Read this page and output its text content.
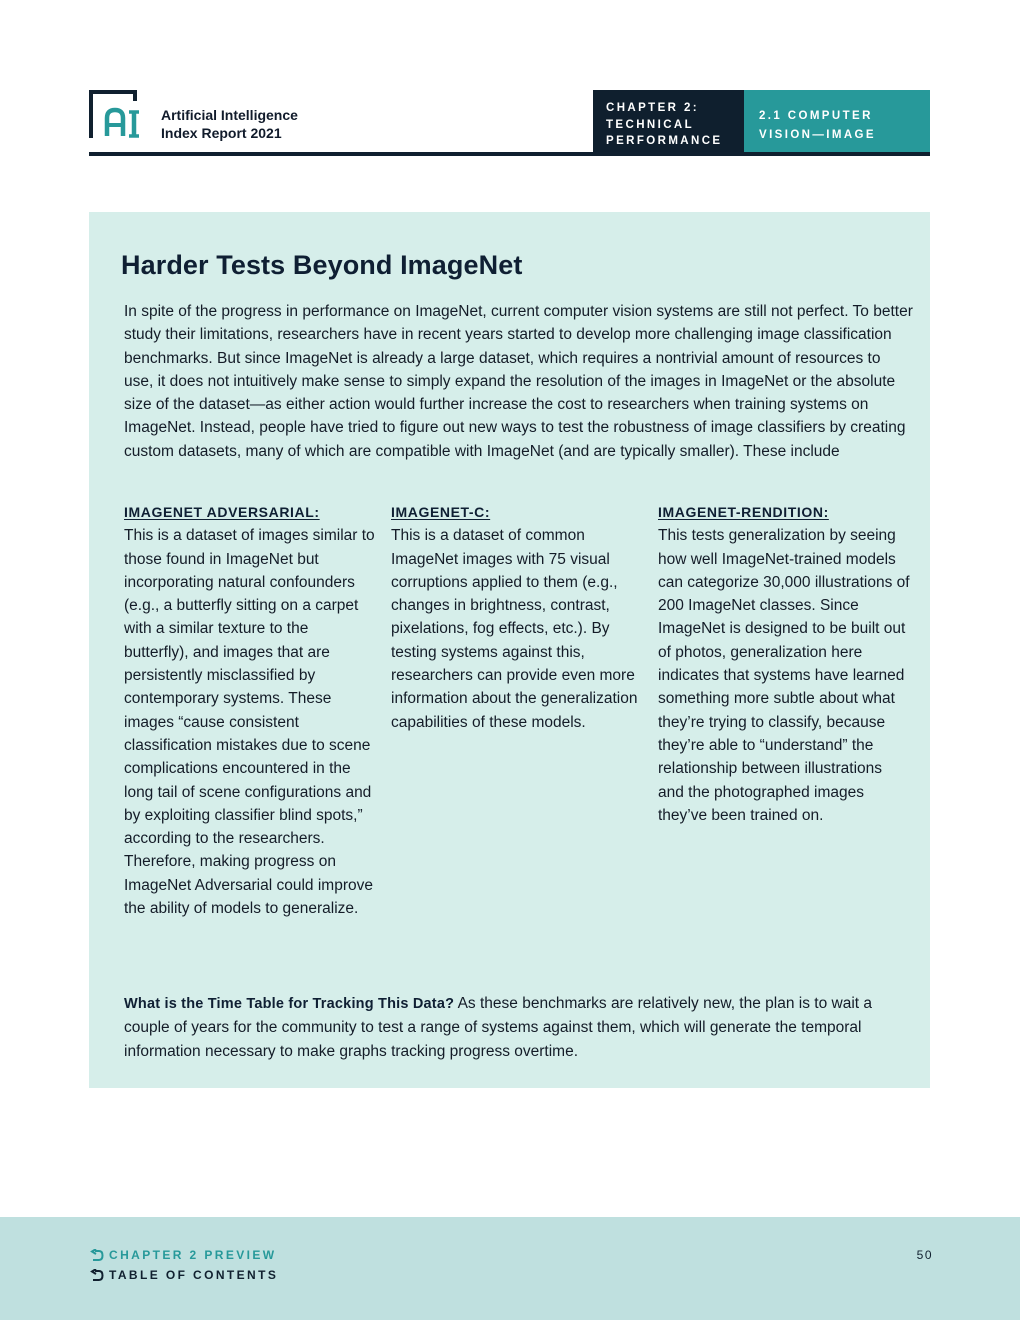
Artificial Intelligence
Index Report 2021
CHAPTER 2:
TECHNICAL
PERFORMANCE
2.1 COMPUTER
VISION—IMAGE
Harder Tests Beyond ImageNet

In spite of the progress in performance on ImageNet, current computer vision systems are still not perfect. To better study their limitations, researchers have in recent years started to develop more challenging image classification benchmarks. But since ImageNet is already a large dataset, which requires a nontrivial amount of resources to use, it does not intuitively make sense to simply expand the resolution of the images in ImageNet or the absolute size of the dataset—as either action would further increase the cost to researchers when training systems on ImageNet. Instead, people have tried to figure out new ways to test the robustness of image classifiers by creating custom datasets, many of which are compatible with ImageNet (and are typically smaller). These include

IMAGENET ADVERSARIAL:
This is a dataset of images similar to those found in ImageNet but incorporating natural confounders (e.g., a butterfly sitting on a carpet with a similar texture to the butterfly), and images that are persistently misclassified by contemporary systems. These images “cause consistent classification mistakes due to scene complications encountered in the long tail of scene configurations and by exploiting classifier blind spots,” according to the researchers. Therefore, making progress on ImageNet Adversarial could improve the ability of models to generalize.
IMAGENET-C:
This is a dataset of common ImageNet images with 75 visual corruptions applied to them (e.g., changes in brightness, contrast, pixelations, fog effects, etc.). By testing systems against this, researchers can provide even more information about the generalization capabilities of these models.
IMAGENET-RENDITION:
This tests generalization by seeing how well ImageNet-trained models can categorize 30,000 illustrations of 200 ImageNet classes. Since ImageNet is designed to be built out of photos, generalization here indicates that systems have learned something more subtle about what they’re trying to classify, because they’re able to “understand” the relationship between illustrations and the photographed images they’ve been trained on.

What is the Time Table for Tracking This Data? As these benchmarks are relatively new, the plan is to wait a couple of years for the community to test a range of systems against them, which will generate the temporal information necessary to make graphs tracking progress overtime.

CHAPTER 2 PREVIEW
TABLE OF CONTENTS
50
